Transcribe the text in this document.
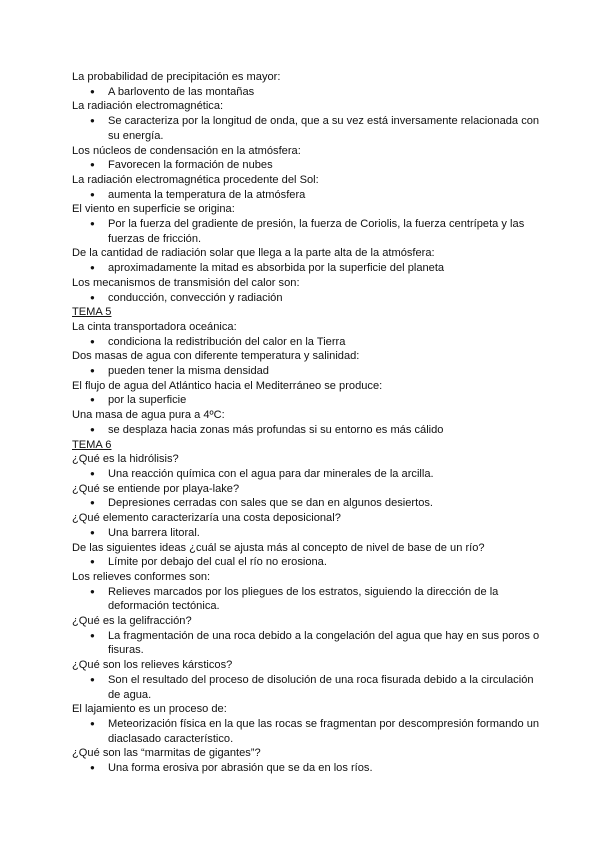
La probabilidad de precipitación es mayor:

● A barlovento de las montañas

La radiación electromagnética:

● Se caracteriza por la longitud de onda, que a su vez está inversamente relacionada con su energía.

Los núcleos de condensación en la atmósfera:

● Favorecen la formación de nubes

La radiación electromagnética procedente del Sol:

● aumenta la temperatura de la atmósfera

El viento en superficie se origina:

● Por la fuerza del gradiente de presión, la fuerza de Coriolis, la fuerza centrípeta y las fuerzas de fricción.

De la cantidad de radiación solar que llega a la parte alta de la atmósfera:

● aproximadamente la mitad es absorbida por la superficie del planeta

Los mecanismos de transmisión del calor son:

● conducción, convección y radiación

TEMA 5

La cinta transportadora oceánica:

● condiciona la redistribución del calor en la Tierra

Dos masas de agua con diferente temperatura y salinidad:

● pueden tener la misma densidad

El flujo de agua del Atlántico hacia el Mediterráneo se produce:

● por la superficie

Una masa de agua pura a 4ºC:

● se desplaza hacia zonas más profundas si su entorno es más cálido

TEMA 6

¿Qué es la hidrólisis?

● Una reacción química con el agua para dar minerales de la arcilla.

¿Qué se entiende por playa-lake?

● Depresiones cerradas con sales que se dan en algunos desiertos.

¿Qué elemento caracterizaría una costa deposicional?

● Una barrera litoral.

De las siguientes ideas ¿cuál se ajusta más al concepto de nivel de base de un río?

● Límite por debajo del cual el río no erosiona.

Los relieves conformes son:

● Relieves marcados por los pliegues de los estratos, siguiendo la dirección de la deformación tectónica.

¿Qué es la gelifracción?

● La fragmentación de una roca debido a la congelación del agua que hay en sus poros o fisuras.

¿Qué son los relieves kársticos?

● Son el resultado del proceso de disolución de una roca fisurada debido a la circulación de agua.

El lajamiento es un proceso de:

● Meteorización física en la que las rocas se fragmentan por descompresión formando un diaclasado característico.

¿Qué son las “marmitas de gigantes”?

● Una forma erosiva por abrasión que se da en los ríos.
